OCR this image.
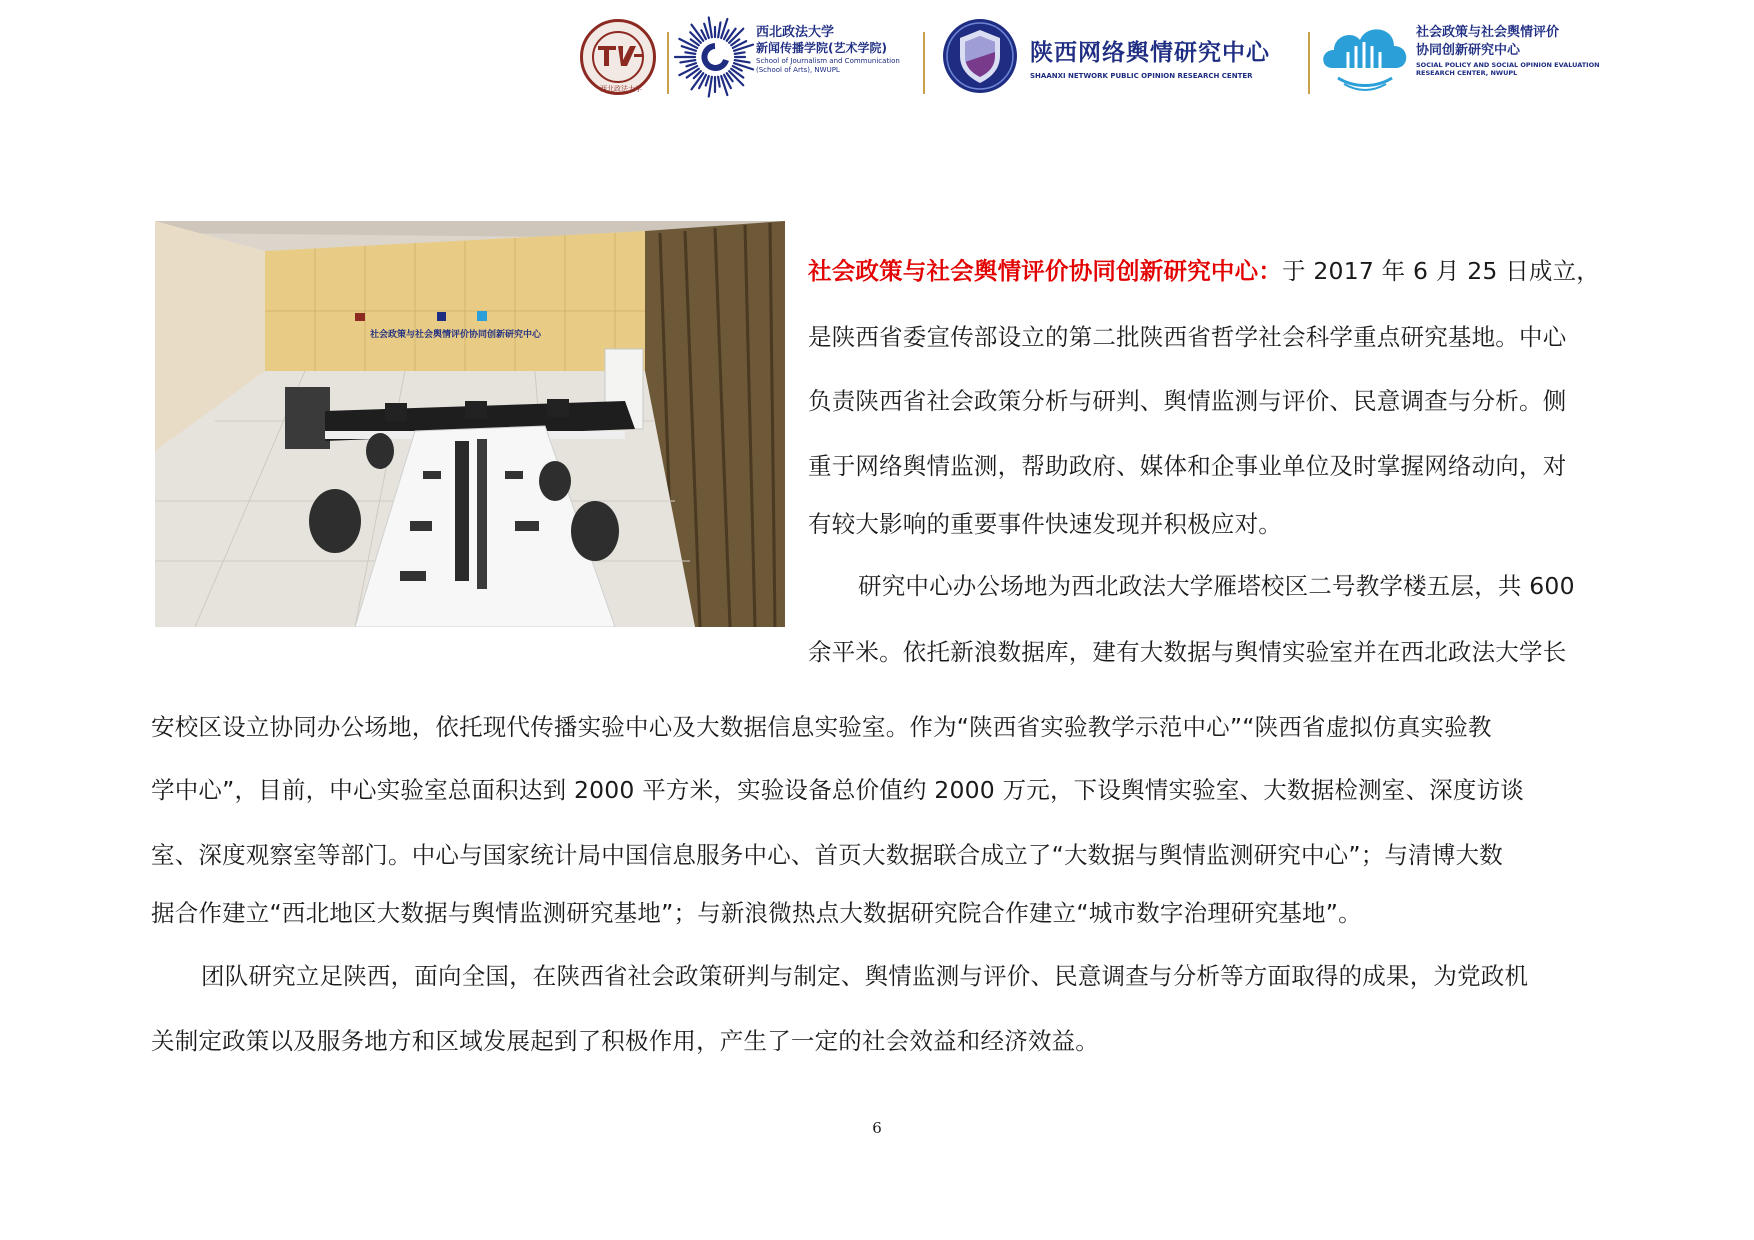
西北政法大学
西北政法大学
新闻传播学院(艺术学院)
School of Journalism and Communication
(School of Arts), NWUPL
陕西网络舆情研究中心
SHAANXI NETWORK PUBLIC OPINION RESEARCH CENTER
社会政策与社会舆情评价
协同创新研究中心
SOCIAL POLICY AND SOCIAL OPINION EVALUATION
RESEARCH CENTER, NWUPL
社会政策与社会舆情评价协同创新研究中心
社会政策与社会舆情评价协同创新研究中心：于 2017 年 6 月 25 日成立，
是陕西省委宣传部设立的第二批陕西省哲学社会科学重点研究基地。中心
负责陕西省社会政策分析与研判、舆情监测与评价、民意调查与分析。侧
重于网络舆情监测，帮助政府、媒体和企事业单位及时掌握网络动向，对
有较大影响的重要事件快速发现并积极应对。
研究中心办公场地为西北政法大学雁塔校区二号教学楼五层，共 600
余平米。依托新浪数据库，建有大数据与舆情实验室并在西北政法大学长
安校区设立协同办公场地，依托现代传播实验中心及大数据信息实验室。作为“陕西省实验教学示范中心”“陕西省虚拟仿真实验教
学中心”，目前，中心实验室总面积达到 2000 平方米，实验设备总价值约 2000 万元，下设舆情实验室、大数据检测室、深度访谈
室、深度观察室等部门。中心与国家统计局中国信息服务中心、首页大数据联合成立了“大数据与舆情监测研究中心”；与清博大数
据合作建立“西北地区大数据与舆情监测研究基地”；与新浪微热点大数据研究院合作建立“城市数字治理研究基地”。
团队研究立足陕西，面向全国，在陕西省社会政策研判与制定、舆情监测与评价、民意调查与分析等方面取得的成果，为党政机
关制定政策以及服务地方和区域发展起到了积极作用，产生了一定的社会效益和经济效益。
6
